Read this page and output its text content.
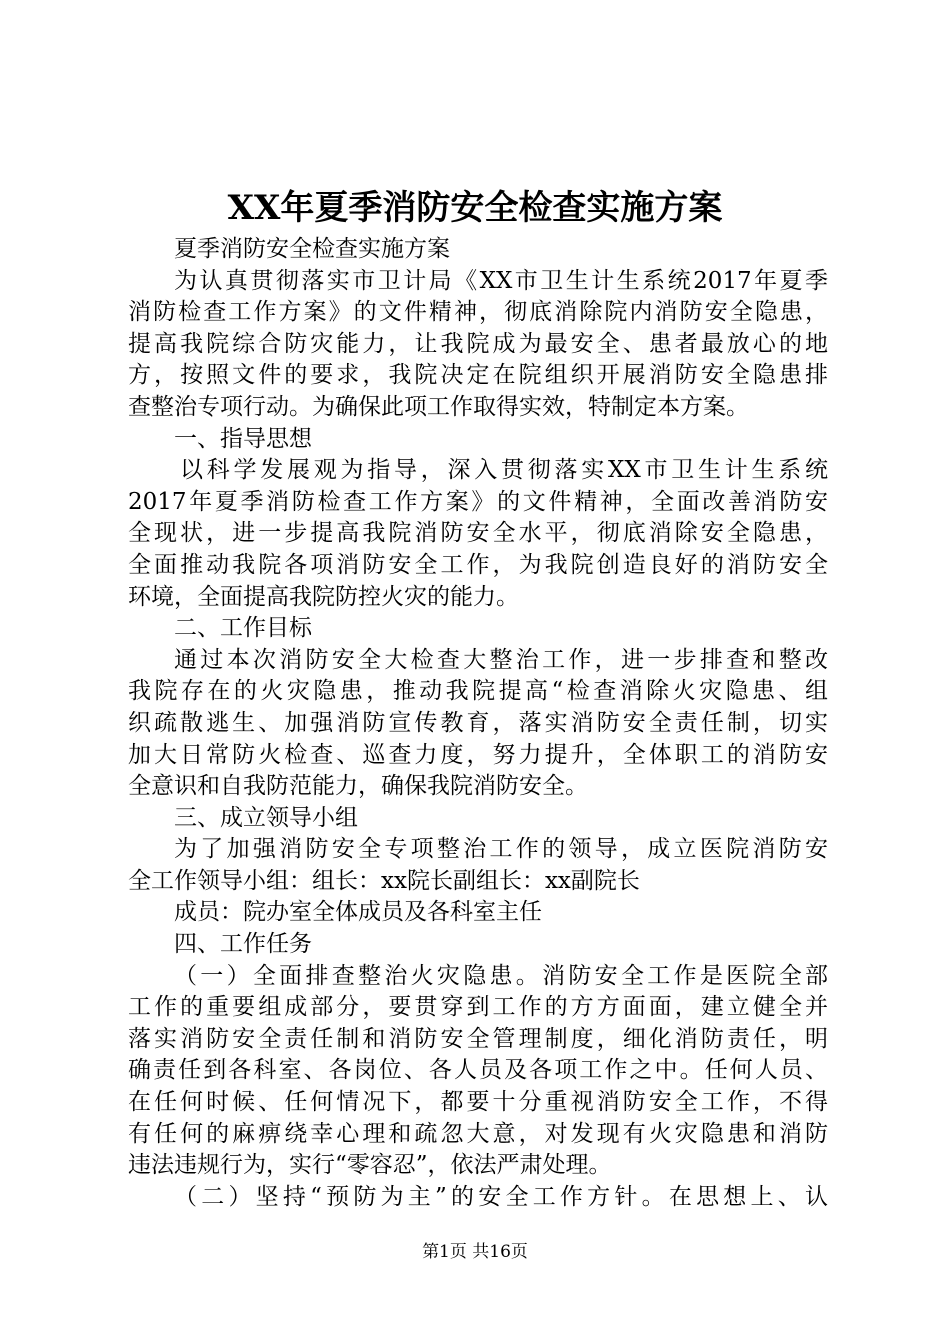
XX年夏季消防安全检查实施方案
夏季消防安全检查实施方案
为认真贯彻落实市卫计局《XX市卫生计生系统2017年夏季
消防检查工作方案》的文件精神，彻底消除院内消防安全隐患，
提高我院综合防灾能力，让我院成为最安全、患者最放心的地
方，按照文件的要求，我院决定在院组织开展消防安全隐患排
查整治专项行动。为确保此项工作取得实效，特制定本方案。
一、指导思想
以科学发展观为指导，深入贯彻落实XX市卫生计生系统
2017年夏季消防检查工作方案》的文件精神，全面改善消防安
全现状，进一步提高我院消防安全水平，彻底消除安全隐患，
全面推动我院各项消防安全工作，为我院创造良好的消防安全
环境，全面提高我院防控火灾的能力。
二、工作目标
通过本次消防安全大检查大整治工作，进一步排查和整改
我院存在的火灾隐患，推动我院提高“检查消除火灾隐患、组
织疏散逃生、加强消防宣传教育，落实消防安全责任制，切实
加大日常防火检查、巡查力度，努力提升，全体职工的消防安
全意识和自我防范能力，确保我院消防安全。
三、成立领导小组
为了加强消防安全专项整治工作的领导，成立医院消防安
全工作领导小组：组长：xx院长副组长：xx副院长
成员：院办室全体成员及各科室主任
四、工作任务
（一）全面排查整治火灾隐患。消防安全工作是医院全部
工作的重要组成部分，要贯穿到工作的方方面面，建立健全并
落实消防安全责任制和消防安全管理制度，细化消防责任，明
确责任到各科室、各岗位、各人员及各项工作之中。任何人员、
在任何时候、任何情况下，都要十分重视消防安全工作，不得
有任何的麻痹绕幸心理和疏忽大意，对发现有火灾隐患和消防
违法违规行为，实行“零容忍”，依法严肃处理。
（二）坚持“预防为主”的安全工作方针。在思想上、认
第1页 共16页
